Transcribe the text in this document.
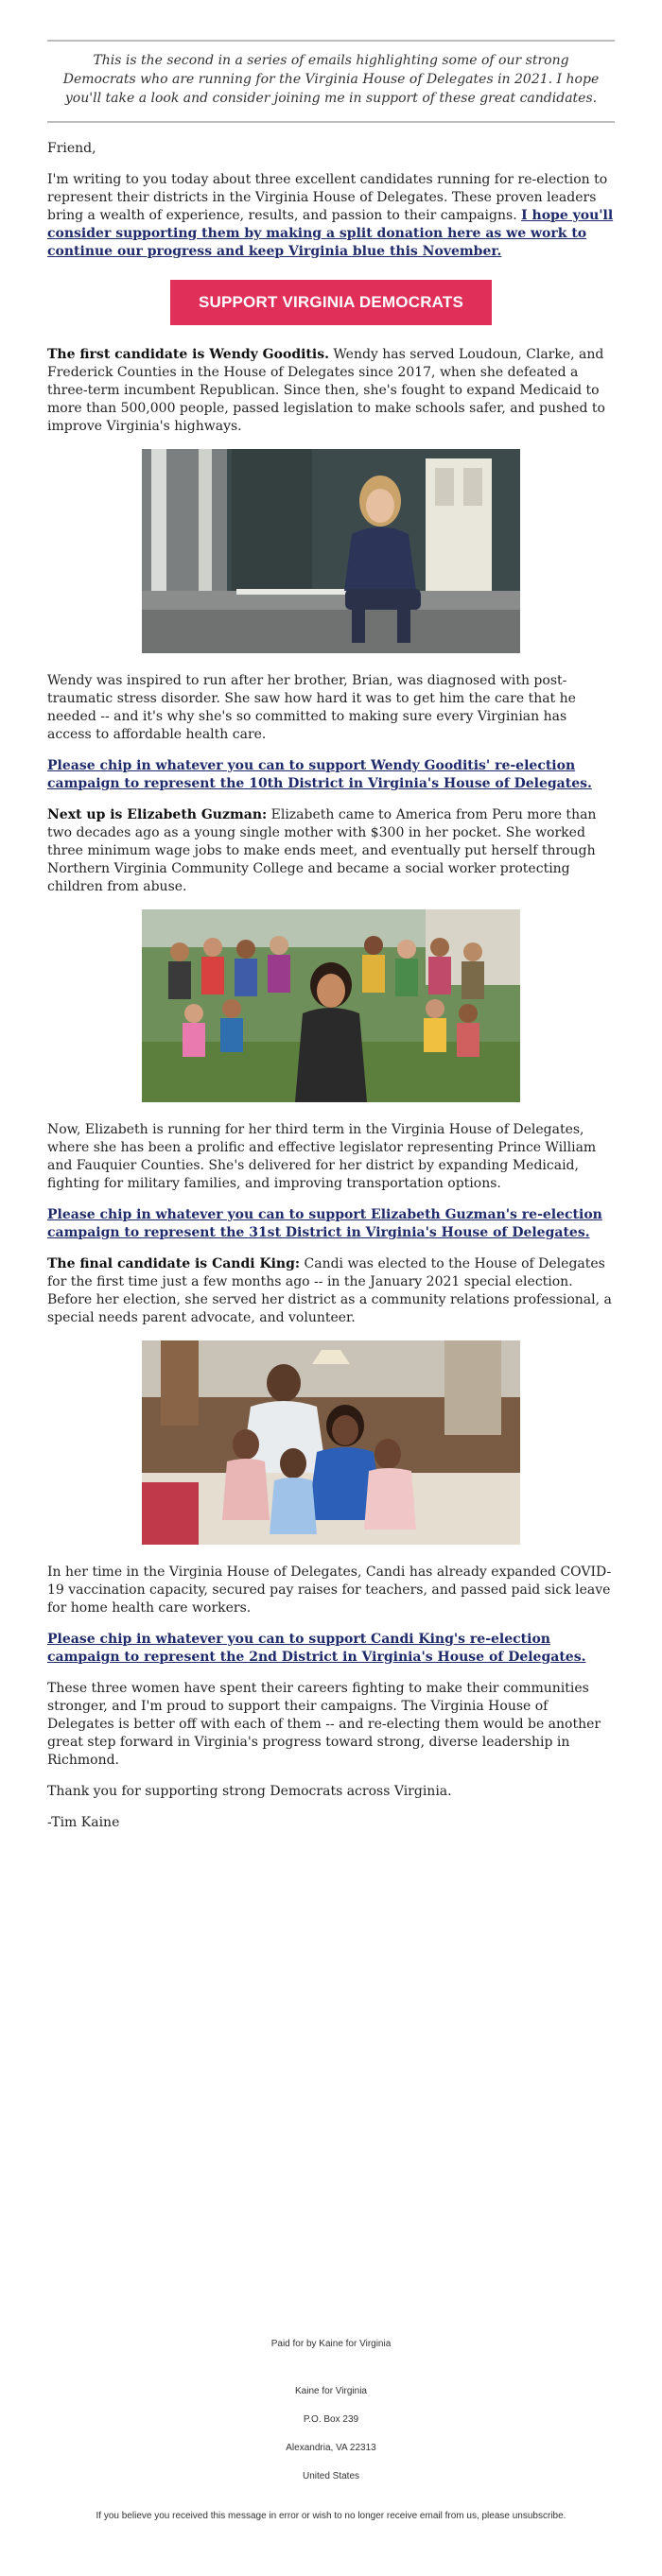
This is the second in a series of emails highlighting some of our strong Democrats who are running for the Virginia House of Delegates in 2021. I hope you'll take a look and consider joining me in support of these great candidates.

Friend,

I'm writing to you today about three excellent candidates running for re-election to represent their districts in the Virginia House of Delegates. These proven leaders bring a wealth of experience, results, and passion to their campaigns. I hope you'll consider supporting them by making a split donation here as we work to continue our progress and keep Virginia blue this November.

SUPPORT VIRGINIA DEMOCRATS

The first candidate is Wendy Gooditis. Wendy has served Loudoun, Clarke, and Frederick Counties in the House of Delegates since 2017, when she defeated a three-term incumbent Republican. Since then, she's fought to expand Medicaid to more than 500,000 people, passed legislation to make schools safer, and pushed to improve Virginia's highways.

Wendy was inspired to run after her brother, Brian, was diagnosed with post-traumatic stress disorder. She saw how hard it was to get him the care that he needed -- and it's why she's so committed to making sure every Virginian has access to affordable health care.

Please chip in whatever you can to support Wendy Gooditis' re-election campaign to represent the 10th District in Virginia's House of Delegates.

Next up is Elizabeth Guzman: Elizabeth came to America from Peru more than two decades ago as a young single mother with $300 in her pocket. She worked three minimum wage jobs to make ends meet, and eventually put herself through Northern Virginia Community College and became a social worker protecting children from abuse.

Now, Elizabeth is running for her third term in the Virginia House of Delegates, where she has been a prolific and effective legislator representing Prince William and Fauquier Counties. She's delivered for her district by expanding Medicaid, fighting for military families, and improving transportation options.

Please chip in whatever you can to support Elizabeth Guzman's re-election campaign to represent the 31st District in Virginia's House of Delegates.

The final candidate is Candi King: Candi was elected to the House of Delegates for the first time just a few months ago -- in the January 2021 special election. Before her election, she served her district as a community relations professional, a special needs parent advocate, and volunteer.

In her time in the Virginia House of Delegates, Candi has already expanded COVID-19 vaccination capacity, secured pay raises for teachers, and passed paid sick leave for home health care workers.

Please chip in whatever you can to support Candi King's re-election campaign to represent the 2nd District in Virginia's House of Delegates.

These three women have spent their careers fighting to make their communities stronger, and I'm proud to support their campaigns. The Virginia House of Delegates is better off with each of them -- and re-electing them would be another great step forward in Virginia's progress toward strong, diverse leadership in Richmond.

Thank you for supporting strong Democrats across Virginia.

-Tim Kaine

Paid for by Kaine for Virginia
Kaine for Virginia
P.O. Box 239
Alexandria, VA 22313
United States
If you believe you received this message in error or wish to no longer receive email from us, please unsubscribe.
